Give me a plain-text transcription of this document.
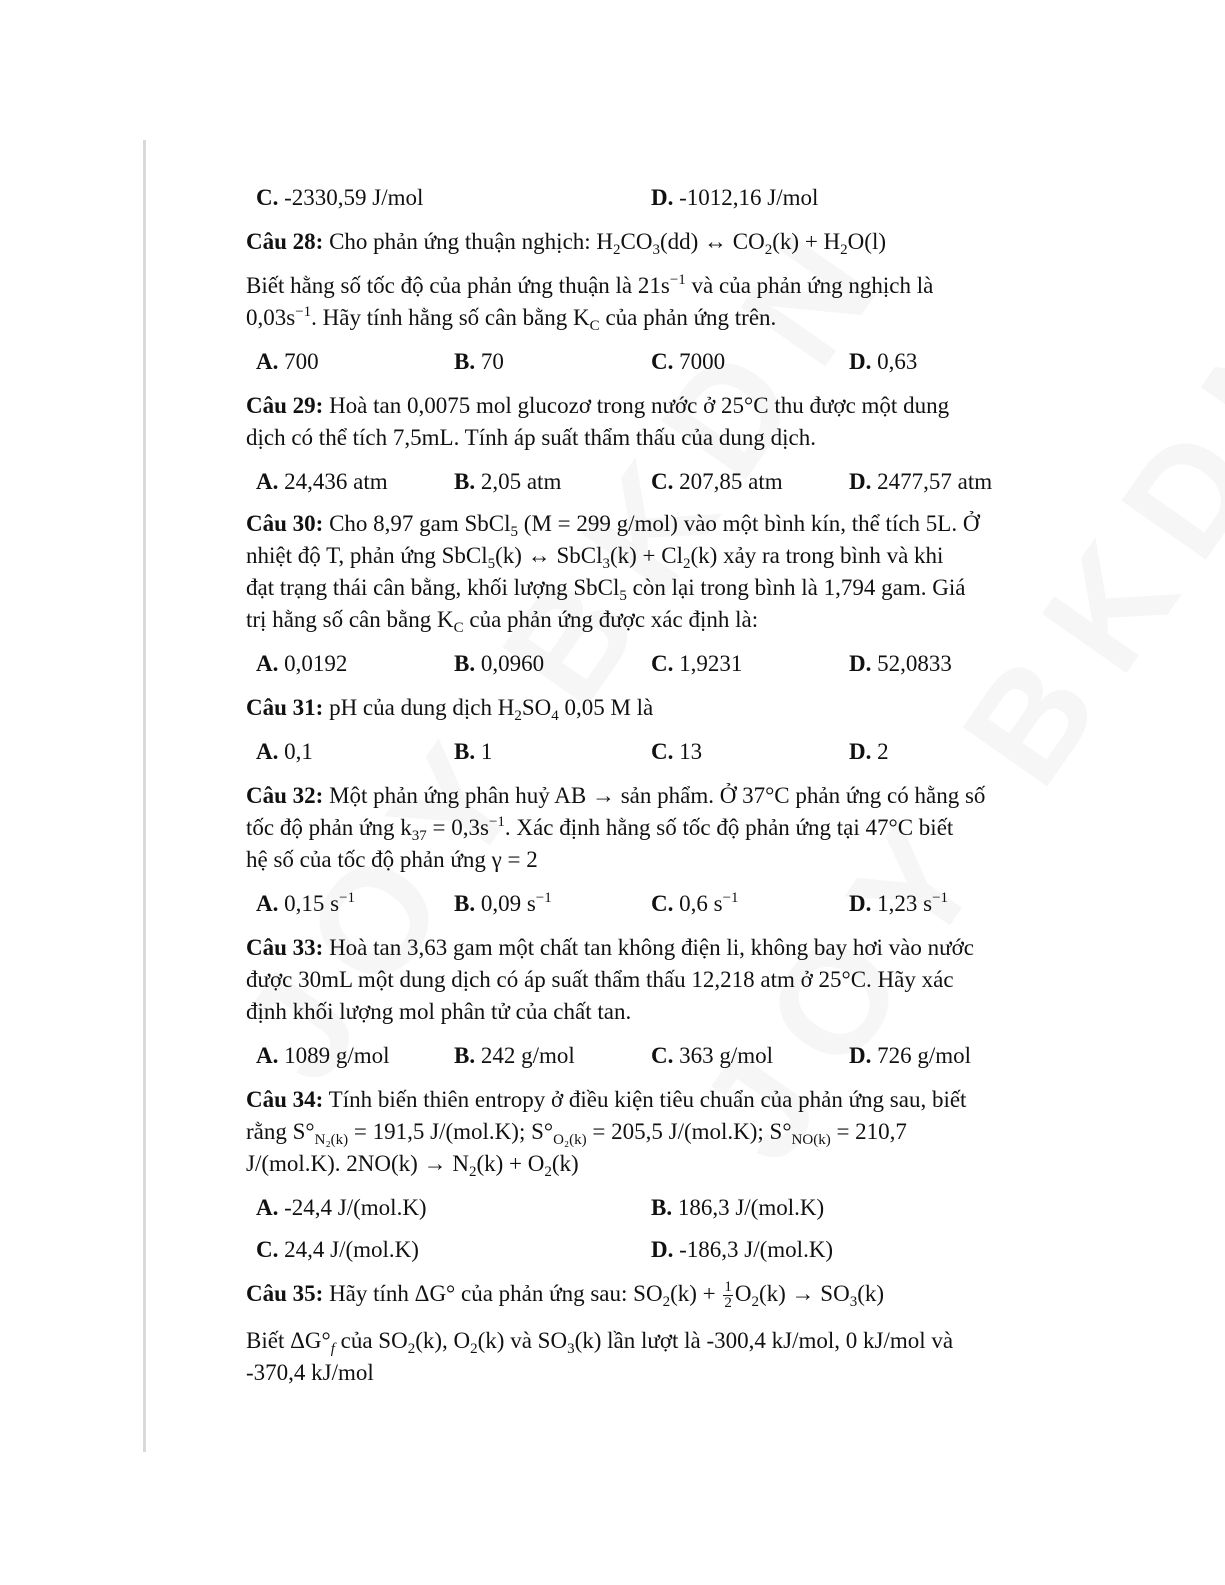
C. -2330,59 J/mol	D. -1012,16 J/mol

Câu 28: Cho phản ứng thuận nghịch: $H_2CO_3(dd)$ ↔ $CO_2(k) + H_2O(l)$

Biết hằng số tốc độ của phản ứng thuận là $21s^{-1}$ và của phản ứng nghịch là
$0,03s^{-1}$. Hãy tính hằng số cân bằng $K_C$ của phản ứng trên.

A. 700	B. 70	C. 7000	D. 0,63

Câu 29: Hoà tan 0,0075 mol glucozơ trong nước ở 25°C thu được một dung
dịch có thể tích 7,5mL. Tính áp suất thẩm thấu của dung dịch.

A. 24,436 atm	B. 2,05 atm	C. 207,85 atm	D. 2477,57 atm

Câu 30: Cho 8,97 gam SbCl$_5$ (M = 299 g/mol) vào một bình kín, thể tích 5L. Ở
nhiệt độ T, phản ứng SbCl$_5$(k) ↔ SbCl$_3$(k) + $Cl_2(k)$ xảy ra trong bình và khi
đạt trạng thái cân bằng, khối lượng SbCl$_5$ còn lại trong bình là 1,794 gam. Giá
trị hằng số cân bằng $K_C$ của phản ứng được xác định là:

A. 0,0192	B. 0,0960	C. 1,9231	D. 52,0833

Câu 31: pH của dung dịch $H_2SO_4$ 0,05 M là

A. 0,1	B. 1	C. 13	D. 2

Câu 32: Một phản ứng phân huỷ AB → sản phẩm. Ở 37°C phản ứng có hằng số
tốc độ phản ứng $k_{37} = 0,3s^{-1}$. Xác định hằng số tốc độ phản ứng tại 47°C biết
hệ số của tốc độ phản ứng γ = 2

A. 0,15 $s^{-1}$	B. 0,09 $s^{-1}$	C. 0,6 $s^{-1}$	D. 1,23 $s^{-1}$

Câu 33: Hoà tan 3,63 gam một chất tan không điện li, không bay hơi vào nước
được 30mL một dung dịch có áp suất thẩm thấu 12,218 atm ở 25°C. Hãy xác
định khối lượng mol phân tử của chất tan.

A. 1089 g/mol	B. 242 g/mol	C. 363 g/mol	D. 726 g/mol

Câu 34: Tính biến thiên entropy ở điều kiện tiêu chuẩn của phản ứng sau, biết
rằng $S^\circ_{N_2(k)} = 191,5$ J/(mol.K); $S^\circ_{O_2(k)} = 205,5$ J/(mol.K); $S^\circ_{NO(k)} = 210,7$
J/(mol.K). $2NO(k) \to N_2(k) + O_2(k)$

A. -24,4 J/(mol.K)	B. 186,3 J/(mol.K)
C. 24,4 J/(mol.K)	D. -186,3 J/(mol.K)

Câu 35: Hãy tính ΔG° của phản ứng sau: $SO_2(k) + \frac{1}{2} O_2(k) \to SO_3(k)$

Biết $\Delta G^\circ_f$ của $SO_2(k)$, $O_2(k)$ và $SO_3(k)$ lần lượt là -300,4 kJ/mol, 0 kJ/mol và
-370,4 kJ/mol
